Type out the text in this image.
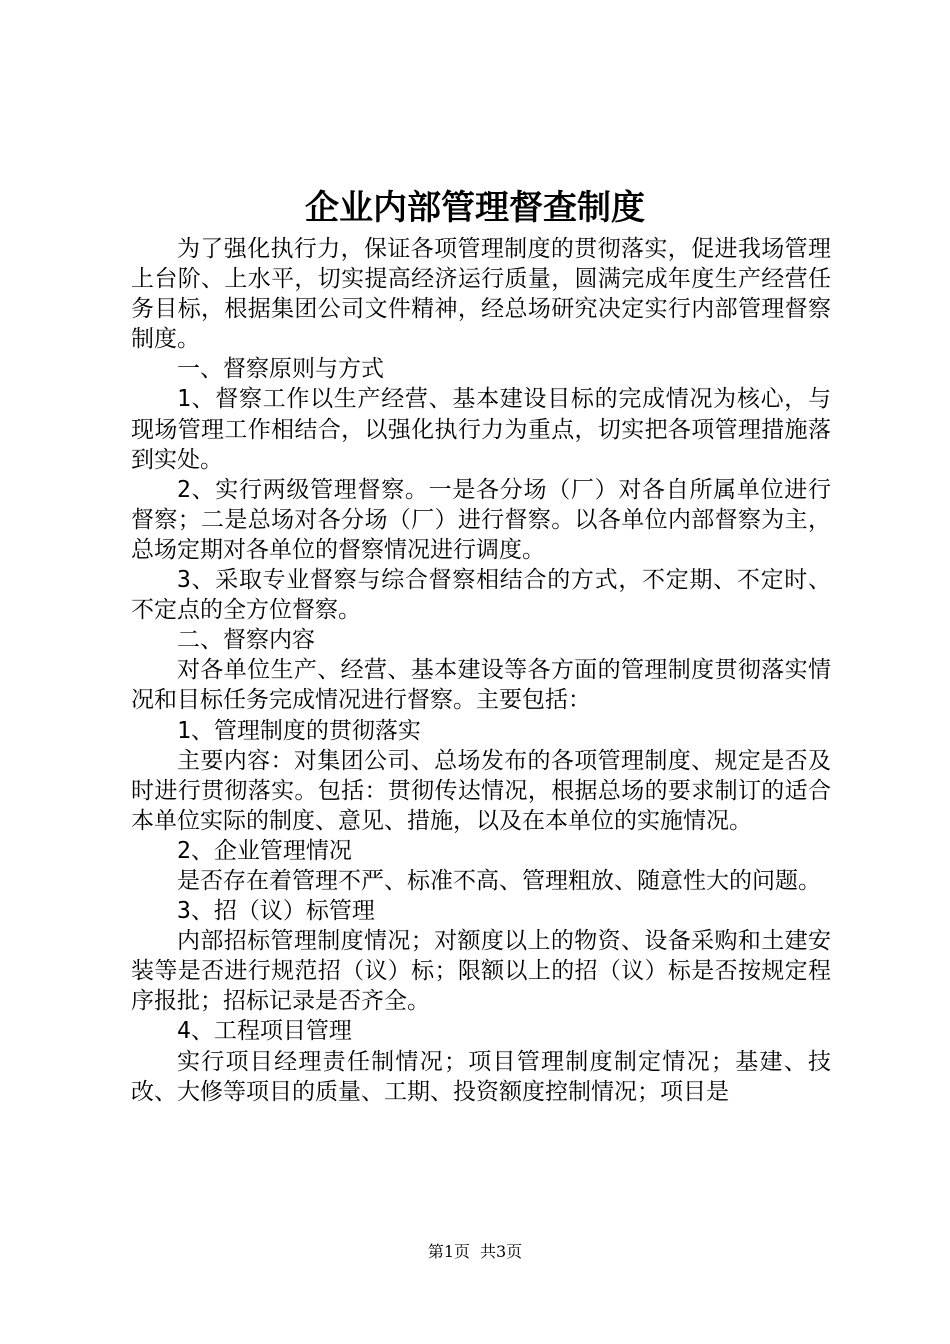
企业内部管理督查制度

为了强化执行力，保证各项管理制度的贯彻落实，促进我场管理上台阶、上水平，切实提高经济运行质量，圆满完成年度生产经营任务目标，根据集团公司文件精神，经总场研究决定实行内部管理督察制度。

一、督察原则与方式

1、督察工作以生产经营、基本建设目标的完成情况为核心，与现场管理工作相结合，以强化执行力为重点，切实把各项管理措施落到实处。

2、实行两级管理督察。一是各分场（厂）对各自所属单位进行督察；二是总场对各分场（厂）进行督察。以各单位内部督察为主，总场定期对各单位的督察情况进行调度。

3、采取专业督察与综合督察相结合的方式，不定期、不定时、不定点的全方位督察。

二、督察内容

对各单位生产、经营、基本建设等各方面的管理制度贯彻落实情况和目标任务完成情况进行督察。主要包括：

1、管理制度的贯彻落实

主要内容：对集团公司、总场发布的各项管理制度、规定是否及时进行贯彻落实。包括：贯彻传达情况，根据总场的要求制订的适合本单位实际的制度、意见、措施，以及在本单位的实施情况。

2、企业管理情况

是否存在着管理不严、标准不高、管理粗放、随意性大的问题。

3、招（议）标管理

内部招标管理制度情况；对额度以上的物资、设备采购和土建安装等是否进行规范招（议）标；限额以上的招（议）标是否按规定程序报批；招标记录是否齐全。

4、工程项目管理

实行项目经理责任制情况；项目管理制度制定情况；基建、技改、大修等项目的质量、工期、投资额度控制情况；项目是

第1页 共3页
